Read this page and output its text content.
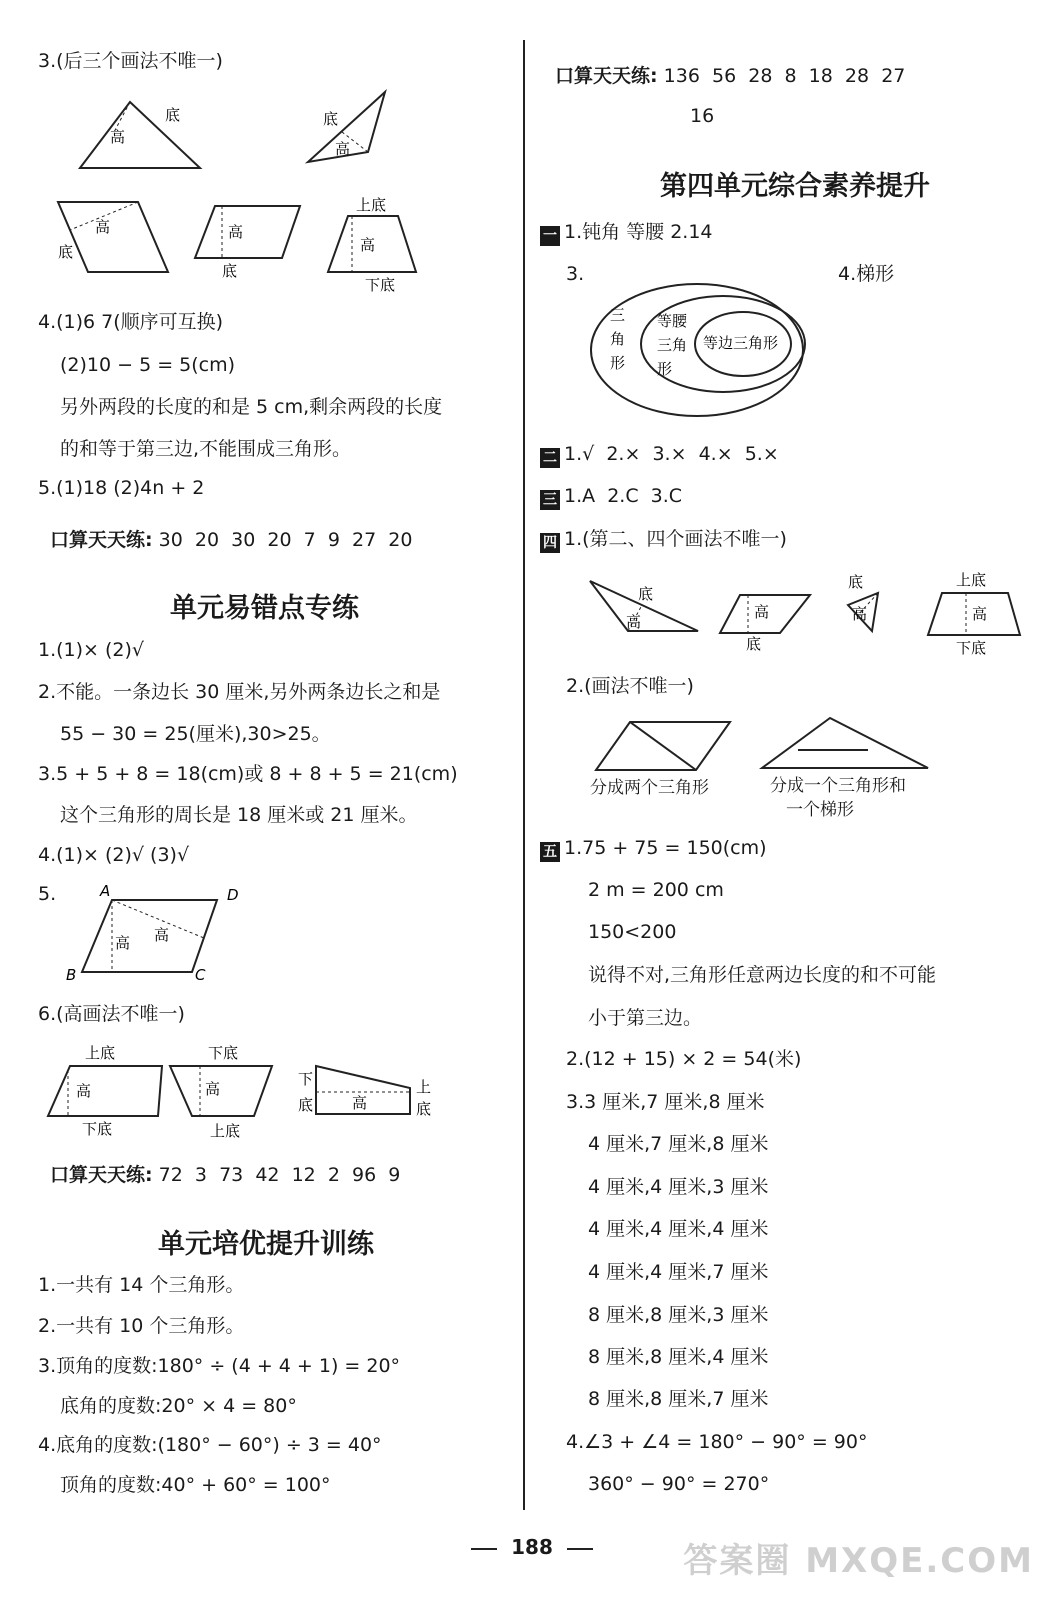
3.(后三个画法不唯一)
底
高
底
高
高
底
高
底
上底
高
下底
4.(1)6 7(顺序可互换)
(2)10 − 5 = 5(cm)
另外两段的长度的和是 5 cm,剩余两段的长度
的和等于第三边,不能围成三角形。
5.(1)18 (2)4n + 2
口算天天练: 30  20  30  20  7  9  27  20
单元易错点专练
1.(1)× (2)√
2.不能。一条边长 30 厘米,另外两条边长之和是
55 − 30 = 25(厘米),30>25。
3.5 + 5 + 8 = 18(cm)或 8 + 8 + 5 = 21(cm)
这个三角形的周长是 18 厘米或 21 厘米。
4.(1)× (2)√ (3)√
5.	A	D
B	C
高 高
6.(高画法不唯一)
上底
高
下底
下底
高
上底
下
底	高
上
底
口算天天练: 72  3  73  42  12  2  96  9
单元培优提升训练
1.一共有 14 个三角形。
2.一共有 10 个三角形。
3.顶角的度数:180° ÷ (4 + 4 + 1) = 20°
底角的度数:20° × 4 = 80°
4.底角的度数:(180° − 60°) ÷ 3 = 40°
顶角的度数:40° + 60° = 100°
口算天天练: 136  56  28  8  18  28  27
16
第四单元综合素养提升
一 1.钝角 等腰 2.14
3.	4.梯形
三
角
形
等腰
三角
形
等边三角形
二 1.√  2.×  3.×  4.×  5.×
三 1.A  2.C  3.C
四 1.(第二、四个画法不唯一)
底
高
高
底
底
高
上底
高
下底
2.(画法不唯一)
分成两个三角形	分成一个三角形和
一个梯形
五 1.75 + 75 = 150(cm)
2 m = 200 cm
150<200
说得不对,三角形任意两边长度的和不可能
小于第三边。
2.(12 + 15) × 2 = 54(米)
3.3 厘米,7 厘米,8 厘米
4 厘米,7 厘米,8 厘米
4 厘米,4 厘米,3 厘米
4 厘米,4 厘米,4 厘米
4 厘米,4 厘米,7 厘米
8 厘米,8 厘米,3 厘米
8 厘米,8 厘米,4 厘米
8 厘米,8 厘米,7 厘米
4.∠3 + ∠4 = 180° − 90° = 90°
360° − 90° = 270°
188	答案圈 MXQE.COM
